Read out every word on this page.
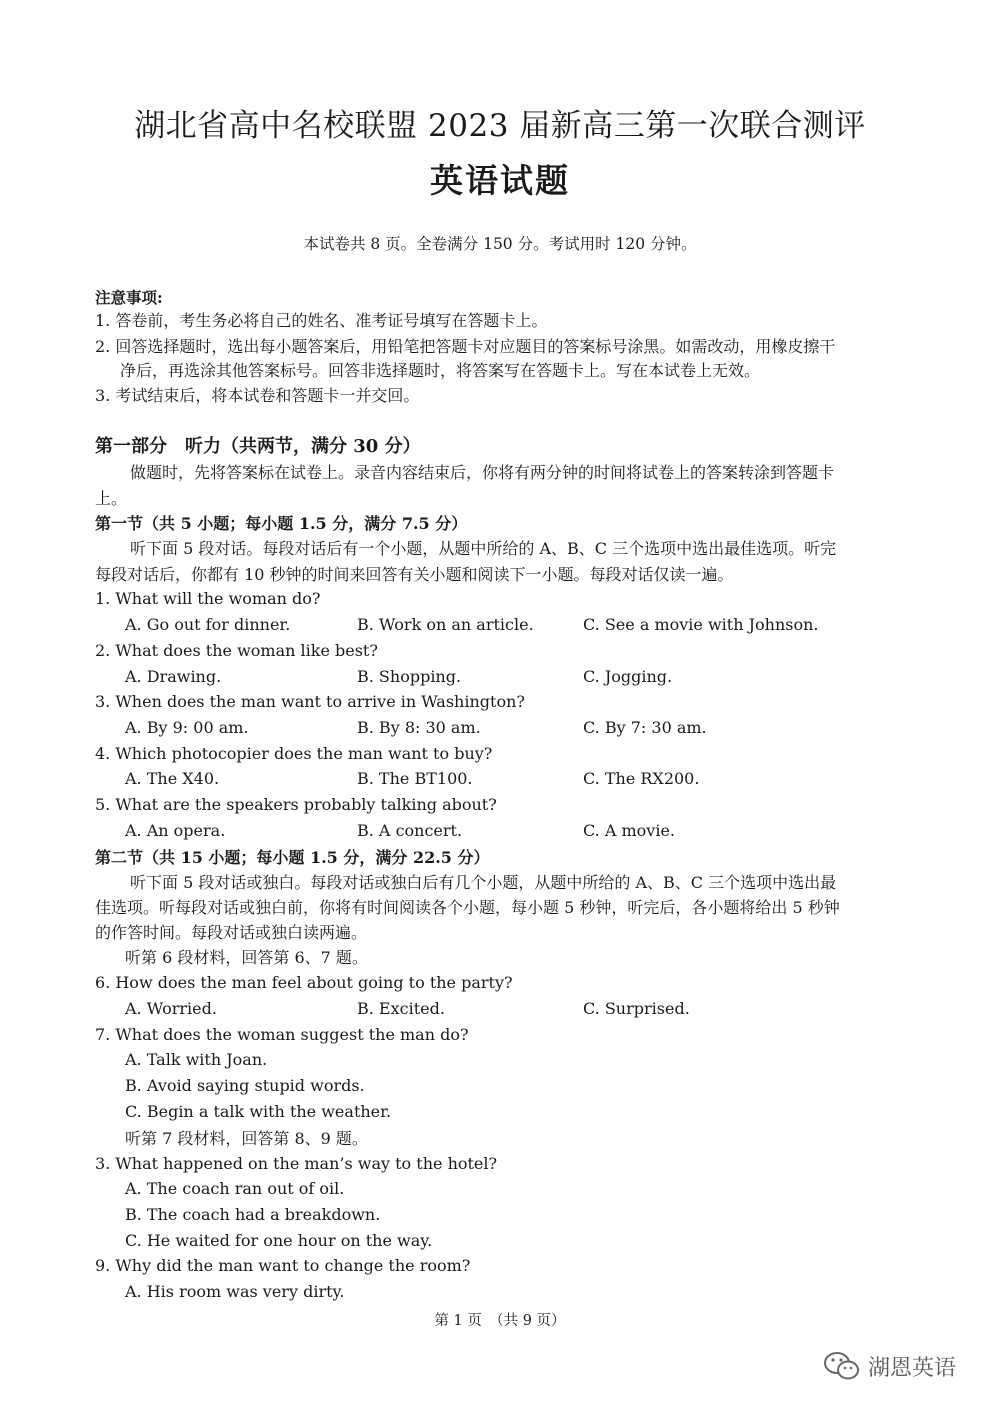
湖北省高中名校联盟 2023 届新高三第一次联合测评
英语试题
本试卷共 8 页。全卷满分 150 分。考试用时 120 分钟。
注意事项:
1. 答卷前，考生务必将自己的姓名、准考证号填写在答题卡上。
2. 回答选择题时，选出每小题答案后，用铅笔把答题卡对应题目的答案标号涂黑。如需改动，用橡皮擦干
净后，再选涂其他答案标号。回答非选择题时，将答案写在答题卡上。写在本试卷上无效。
3. 考试结束后，将本试卷和答题卡一并交回。
第一部分　听力（共两节，满分 30 分）
做题时，先将答案标在试卷上。录音内容结束后，你将有两分钟的时间将试卷上的答案转涂到答题卡
上。
第一节（共 5 小题；每小题 1.5 分，满分 7.5 分）
听下面 5 段对话。每段对话后有一个小题，从题中所给的 A、B、C 三个选项中选出最佳选项。听完
每段对话后，你都有 10 秒钟的时间来回答有关小题和阅读下一小题。每段对话仅读一遍。
1. What will the woman do?
A. Go out for dinner.	B. Work on an article.	C. See a movie with Johnson.
2. What does the woman like best?
A. Drawing.	B. Shopping.	C. Jogging.
3. When does the man want to arrive in Washington?
A. By 9: 00 am.	B. By 8: 30 am.	C. By 7: 30 am.
4. Which photocopier does the man want to buy?
A. The X40.	B. The BT100.	C. The RX200.
5. What are the speakers probably talking about?
A. An opera.	B. A concert.	C. A movie.
第二节（共 15 小题；每小题 1.5 分，满分 22.5 分）
听下面 5 段对话或独白。每段对话或独白后有几个小题，从题中所给的 A、B、C 三个选项中选出最
佳选项。听每段对话或独白前，你将有时间阅读各个小题，每小题 5 秒钟，听完后，各小题将给出 5 秒钟
的作答时间。每段对话或独白读两遍。
听第 6 段材料，回答第 6、7 题。
6. How does the man feel about going to the party?
A. Worried.	B. Excited.	C. Surprised.
7. What does the woman suggest the man do?
A. Talk with Joan.
B. Avoid saying stupid words.
C. Begin a talk with the weather.
听第 7 段材料，回答第 8、9 题。
3. What happened on the man’s way to the hotel?
A. The coach ran out of oil.
B. The coach had a breakdown.
C. He waited for one hour on the way.
9. Why did the man want to change the room?
A. His room was very dirty.
第 1 页　（共 9 页）
湖恩英语
